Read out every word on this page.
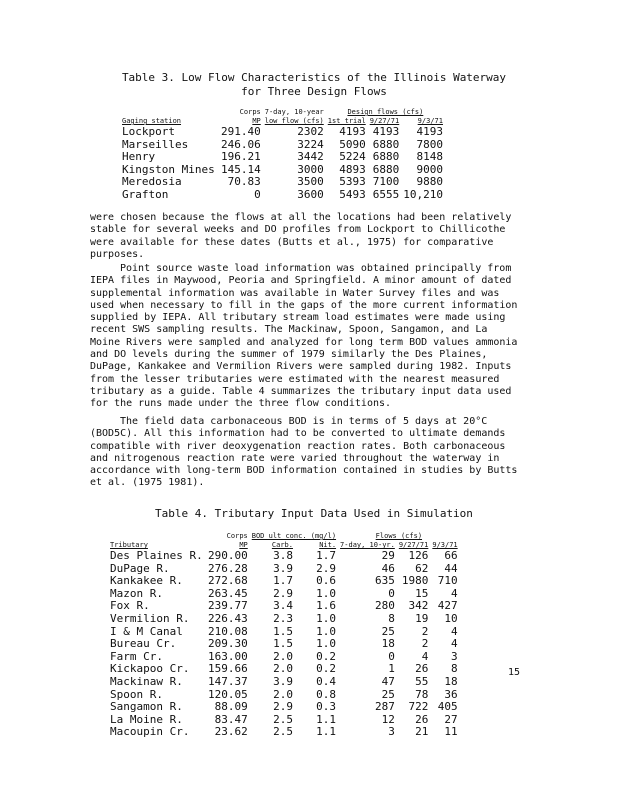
Table 3. Low Flow Characteristics of the Illinois Waterway
for Three Design Flows
	Corps	7-day, 10-year	Design flows (cfs)		
Gaging station	MP	low flow (cfs)	1st trial	9/27/71	9/3/71
Lockport	291.40	2302	4193	4193	4193
Marseilles	246.06	3224	5090	6880	7800
Henry	196.21	3442	5224	6880	8148
Kingston Mines	145.14	3000	4893	6880	9000
Meredosia	70.83	3500	5393	7100	9880
Grafton	0	3600	5493	6555	10,210

were chosen because the flows at all the locations had been relatively stable for several weeks and DO profiles from Lockport to Chillicothe were available for these dates (Butts et al., 1975) for comparative purposes.

Point source waste load information was obtained principally from IEPA files in Maywood, Peoria and Springfield. A minor amount of dated supplemental information was available in Water Survey files and was used when necessary to fill in the gaps of the more current information supplied by IEPA. All tributary stream load estimates were made using recent SWS sampling results. The Mackinaw, Spoon, Sangamon, and La Moine Rivers were sampled and analyzed for long term BOD values ammonia and DO levels during the summer of 1979 similarly the Des Plaines, DuPage, Kankakee and Vermilion Rivers were sampled during 1982. Inputs from the lesser tributaries were estimated with the nearest measured tributary as a guide. Table 4 summarizes the tributary input data used for the runs made under the three flow conditions.

The field data carbonaceous BOD is in terms of 5 days at 20°C (BOD5C). All this information had to be converted to ultimate demands compatible with river deoxygenation reaction rates. Both carbonaceous and nitrogenous reaction rate were varied throughout the waterway in accordance with long-term BOD information contained in studies by Butts et al. (1975 1981).

Table 4. Tributary Input Data Used in Simulation
	Corps	BOD ult conc. (mg/l)		Flows (cfs)		
Tributary	MP	Carb.	Nit.	7-day, 10-yr.	9/27/71	9/3/71
Des Plaines R.	290.00	3.8	1.7	29	126	66
DuPage R.	276.28	3.9	2.9	46	62	44
Kankakee R.	272.68	1.7	0.6	635	1980	710
Mazon R.	263.45	2.9	1.0	0	15	4
Fox R.	239.77	3.4	1.6	280	342	427
Vermilion R.	226.43	2.3	1.0	8	19	10
I & M Canal	210.08	1.5	1.0	25	2	4
Bureau Cr.	209.30	1.5	1.0	18	2	4
Farm Cr.	163.00	2.0	0.2	0	4	3
Kickapoo Cr.	159.66	2.0	0.2	1	26	8
Mackinaw R.	147.37	3.9	0.4	47	55	18
Spoon R.	120.05	2.0	0.8	25	78	36
Sangamon R.	88.09	2.9	0.3	287	722	405
La Moine R.	83.47	2.5	1.1	12	26	27
Macoupin Cr.	23.62	2.5	1.1	3	21	11
15
